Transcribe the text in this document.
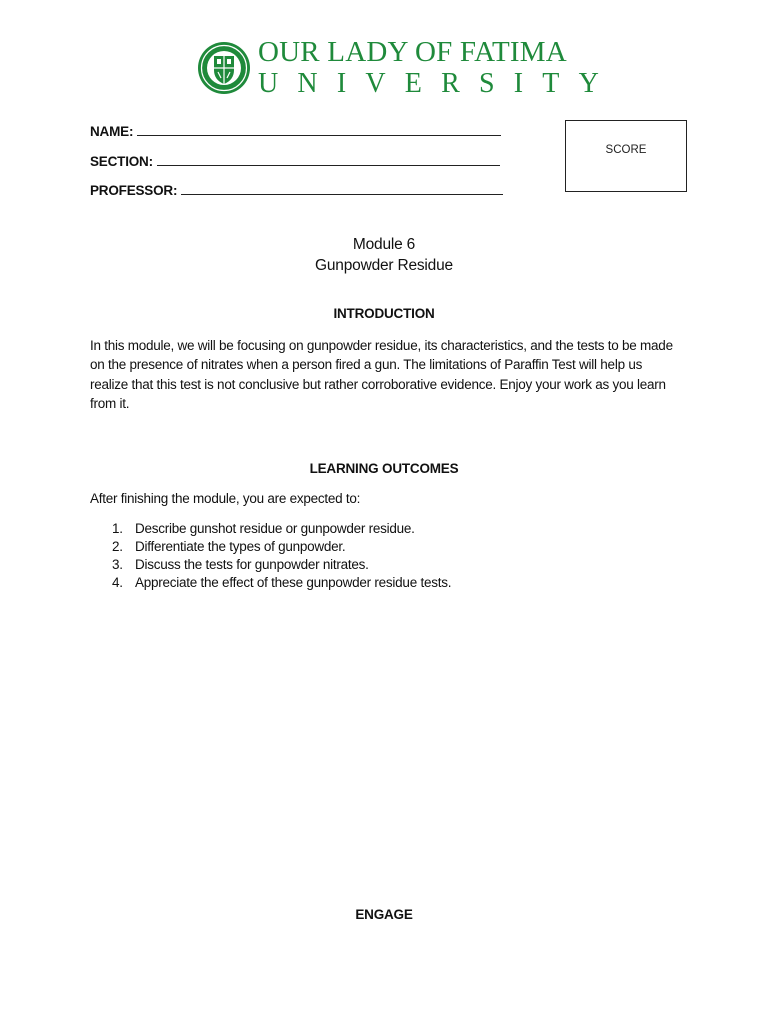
OUR LADY OF FATIMA
UNIVERSITY
NAME:
SECTION:
PROFESSOR:
SCORE
Module 6
Gunpowder Residue
INTRODUCTION
In this module, we will be focusing on gunpowder residue, its characteristics, and the tests to be made on the presence of nitrates when a person fired a gun. The limitations of Paraffin Test will help us realize that this test is not conclusive but rather corroborative evidence. Enjoy your work as you learn from it.
LEARNING OUTCOMES
After finishing the module, you are expected to:
1. Describe gunshot residue or gunpowder residue.
2. Differentiate the types of gunpowder.
3. Discuss the tests for gunpowder nitrates.
4. Appreciate the effect of these gunpowder residue tests.
ENGAGE
